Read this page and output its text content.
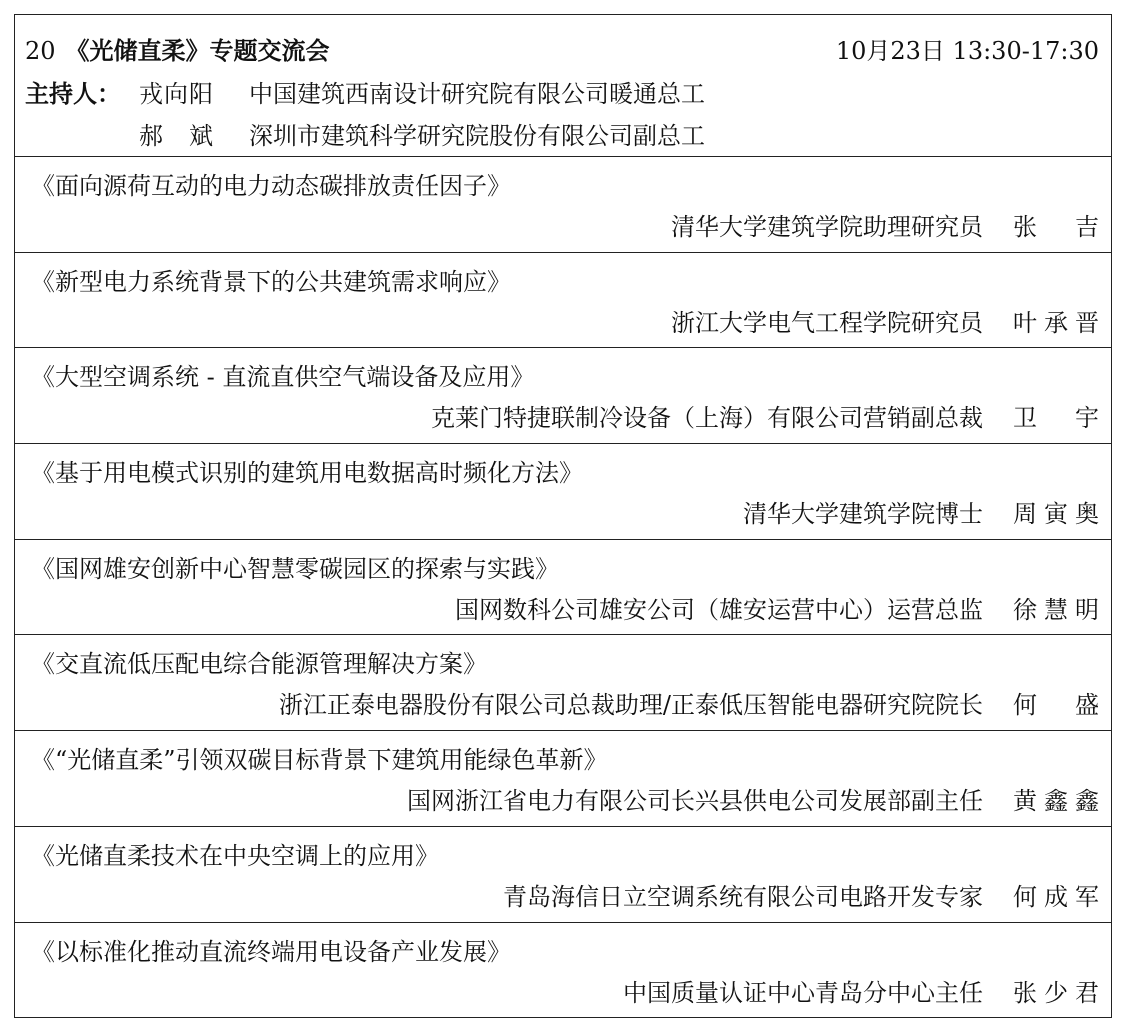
20 《光储直柔》专题交流会	10月23日 13:30-17:30
主持人： 戎向阳 中国建筑西南设计研究院有限公司暖通总工
郝　斌 深圳市建筑科学研究院股份有限公司副总工
《面向源荷互动的电力动态碳排放责任因子》
清华大学建筑学院助理研究员 张　吉
《新型电力系统背景下的公共建筑需求响应》
浙江大学电气工程学院研究员 叶承晋
《大型空调系统 - 直流直供空气端设备及应用》
克莱门特捷联制冷设备（上海）有限公司营销副总裁 卫　宇
《基于用电模式识别的建筑用电数据高时频化方法》
清华大学建筑学院博士 周寅奥
《国网雄安创新中心智慧零碳园区的探索与实践》
国网数科公司雄安公司（雄安运营中心）运营总监 徐慧明
《交直流低压配电综合能源管理解决方案》
浙江正泰电器股份有限公司总裁助理/正泰低压智能电器研究院院长 何　盛
《“光储直柔”引领双碳目标背景下建筑用能绿色革新》
国网浙江省电力有限公司长兴县供电公司发展部副主任 黄鑫鑫
《光储直柔技术在中央空调上的应用》
青岛海信日立空调系统有限公司电路开发专家 何成军
《以标准化推动直流终端用电设备产业发展》
中国质量认证中心青岛分中心主任 张少君
